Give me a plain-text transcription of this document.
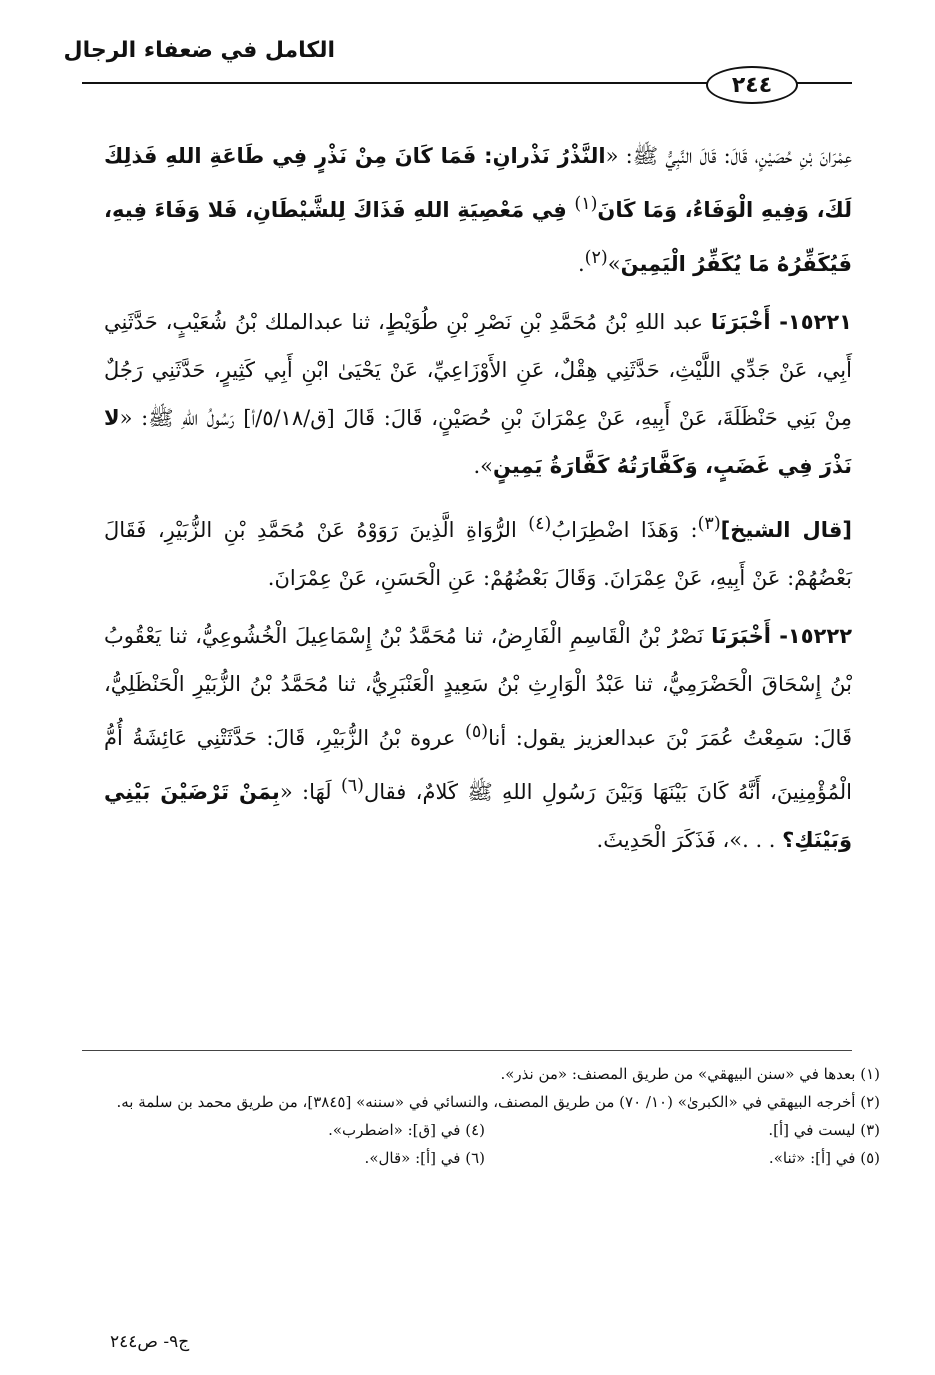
الكامل في ضعفاء الرجال
٢٤٤

عِمْرَانَ بْنِ حُصَيْنٍ، قَالَ: قَالَ النَّبِيُّ ﷺ: «النَّذْرُ نَذْرانِ: فَمَا كَانَ مِنْ نَذْرٍ فِي طَاعَةِ اللهِ فَذلِكَ لَكَ، وَفِيهِ الْوَفَاءُ، وَمَا كَانَ$^{(١)}$ فِي مَعْصِيَةِ اللهِ فَذَاكَ لِلشَّيْطَانِ، فَلا وَفَاءَ فِيهِ، فَيُكَفِّرُهُ مَا يُكَفِّرُ الْيَمِينَ»$^{(٢)}$.

١٥٢٢١- أَخْبَرَنَا عبد اللهِ بْنُ مُحَمَّدِ بْنِ نَصْرِ بْنِ طُوَيْطٍ، ثنا عبدالملك بْنُ شُعَيْبٍ، حَدَّثَنِي أَبِي، عَنْ جَدِّي اللَّيْثِ، حَدَّثَنِي هِقْلٌ، عَنِ الأَوْزَاعِيِّ، عَنْ يَحْيَىٰ ابْنِ أَبِي كَثِيرٍ، حَدَّثَنِي رَجُلٌ مِنْ بَنِي حَنْظَلَةَ، عَنْ أَبِيهِ، عَنْ عِمْرَانَ بْنِ حُصَيْنٍ، قَالَ: قَالَ [ق/٥/١٨/أ] رَسُولُ اللهِ ﷺ: «لا نَذْرَ فِي غَضَبٍ، وَكَفَّارَتُهُ كَفَّارَةُ يَمِينٍ».

[قال الشيخ]$^{(٣)}$: وَهَذَا اضْطِرَابُ$^{(٤)}$ الرُّوَاةِ الَّذِينَ رَوَوْهُ عَنْ مُحَمَّدِ بْنِ الزُّبَيْرِ، فَقَالَ بَعْضُهُمْ: عَنْ أَبِيهِ، عَنْ عِمْرَانَ. وَقَالَ بَعْضُهُمْ: عَنِ الْحَسَنِ، عَنْ عِمْرَانَ.

١٥٢٢٢- أَخْبَرَنَا نَصْرُ بْنُ الْقَاسِمِ الْفَارِضُ، ثنا مُحَمَّدُ بْنُ إِسْمَاعِيلَ الْخُشُوعِيُّ، ثنا يَعْقُوبُ بْنُ إِسْحَاقَ الْحَضْرَمِيُّ، ثنا عَبْدُ الْوَارِثِ بْنُ سَعِيدٍ الْعَنْبَرِيُّ، ثنا مُحَمَّدُ بْنُ الزُّبَيْرِ الْحَنْظَلِيُّ، قَالَ: سَمِعْتُ عُمَرَ بْنَ عبدالعزيز يقول: أنا$^{(٥)}$ عروة بْنُ الزُّبَيْرِ، قَالَ: حَدَّثَتْنِي عَائِشَةُ أُمُّ الْمُؤْمِنِينَ، أَنَّهُ كَانَ بَيْنَهَا وَبَيْنَ رَسُولِ اللهِ ﷺ كَلامٌ، فقال$^{(٦)}$ لَهَا: «بِمَنْ تَرْضَيْنَ بَيْنِي وَبَيْنَكِ؟ . . .»، فَذَكَرَ الْحَدِيثَ.

(١) بعدها في «سنن البيهقي» من طريق المصنف: «من نذر».
(٢) أخرجه البيهقي في «الكبرىٰ» (١٠/ ٧٠) من طريق المصنف، والنسائي في «سننه» [٣٨٤٥]، من طريق محمد بن سلمة به.
(٣) ليست في [أ].
(٤) في [ق]: «اضطرب».
(٥) في [أ]: «ثنا».
(٦) في [أ]: «قال».
ج٩- ص٢٤٤
